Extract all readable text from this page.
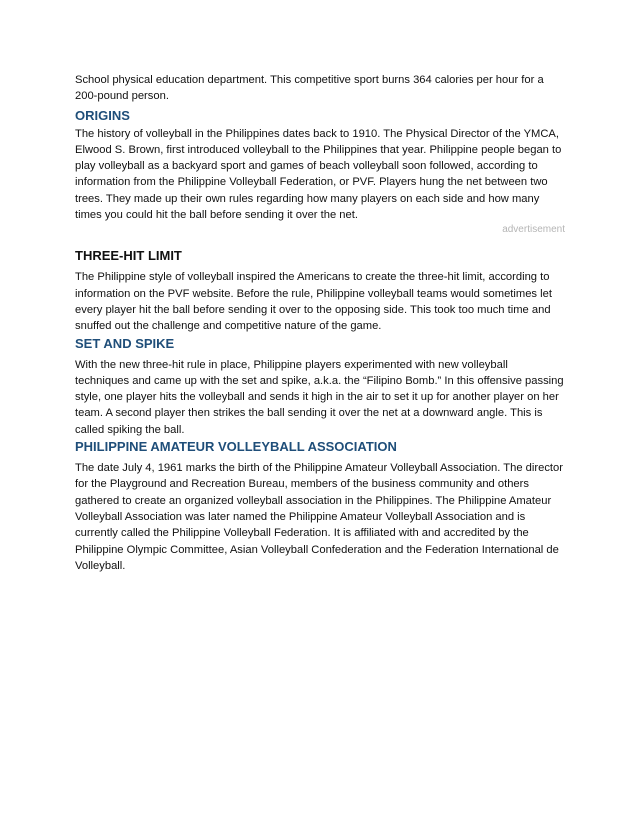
School physical education department. This competitive sport burns 364 calories per hour for a 200-pound person.

ORIGINS

The history of volleyball in the Philippines dates back to 1910. The Physical Director of the YMCA, Elwood S. Brown, first introduced volleyball to the Philippines that year. Philippine people began to play volleyball as a backyard sport and games of beach volleyball soon followed, according to information from the Philippine Volleyball Federation, or PVF. Players hung the net between two trees. They made up their own rules regarding how many players on each side and how many times you could hit the ball before sending it over the net.

advertisement
THREE-HIT LIMIT

The Philippine style of volleyball inspired the Americans to create the three-hit limit, according to information on the PVF website. Before the rule, Philippine volleyball teams would sometimes let every player hit the ball before sending it over to the opposing side. This took too much time and snuffed out the challenge and competitive nature of the game.

SET AND SPIKE

With the new three-hit rule in place, Philippine players experimented with new volleyball techniques and came up with the set and spike, a.k.a. the “Filipino Bomb.” In this offensive passing style, one player hits the volleyball and sends it high in the air to set it up for another player on her team. A second player then strikes the ball sending it over the net at a downward angle. This is called spiking the ball.

PHILIPPINE AMATEUR VOLLEYBALL ASSOCIATION

The date July 4, 1961 marks the birth of the Philippine Amateur Volleyball Association. The director for the Playground and Recreation Bureau, members of the business community and others gathered to create an organized volleyball association in the Philippines. The Philippine Amateur Volleyball Association was later named the Philippine Amateur Volleyball Association and is currently called the Philippine Volleyball Federation. It is affiliated with and accredited by the Philippine Olympic Committee, Asian Volleyball Confederation and the Federation International de Volleyball.
